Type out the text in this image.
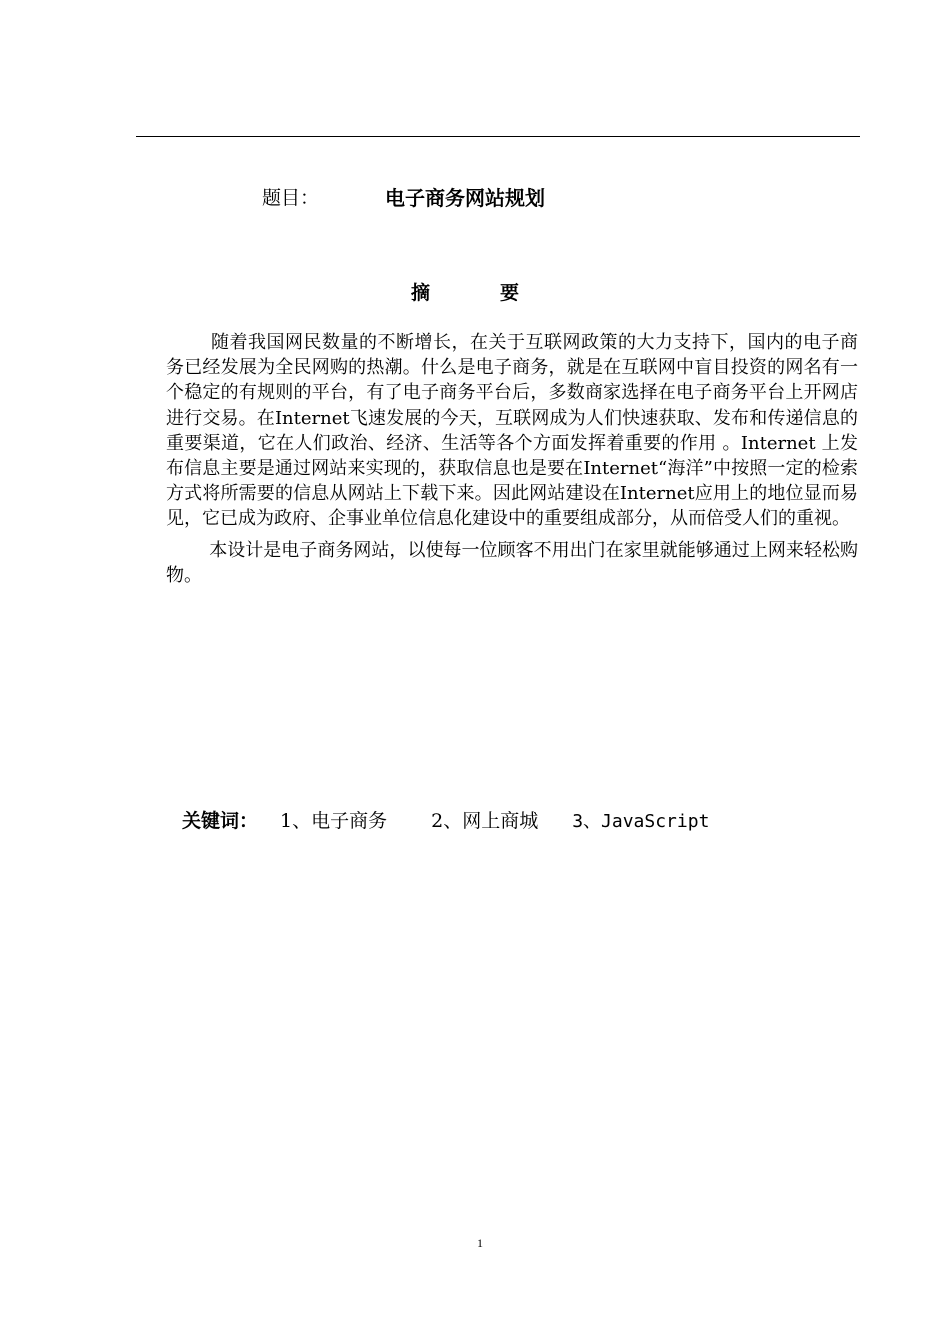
题目：	电子商务网站规划
摘要

随着我国网民数量的不断增长，在关于互联网政策的大力支持下，国内的电子商务已经发展为全民网购的热潮。什么是电子商务，就是在互联网中盲目投资的网名有一个稳定的有规则的平台，有了电子商务平台后，多数商家选择在电子商务平台上开网店进行交易。在Internet飞速发展的今天，互联网成为人们快速获取、发布和传递信息的重要渠道，它在人们政治、经济、生活等各个方面发挥着重要的作用 。Internet 上发布信息主要是通过网站来实现的，获取信息也是要在Internet“海洋”中按照一定的检索方式将所需要的信息从网站上下载下来。因此网站建设在Internet应用上的地位显而易见，它已成为政府、企事业单位信息化建设中的重要组成部分，从而倍受人们的重视。

本设计是电子商务网站，以使每一位顾客不用出门在家里就能够通过上网来轻松购物。

关键词： 1、电子商务 2、网上商城 3、JavaScript
1
